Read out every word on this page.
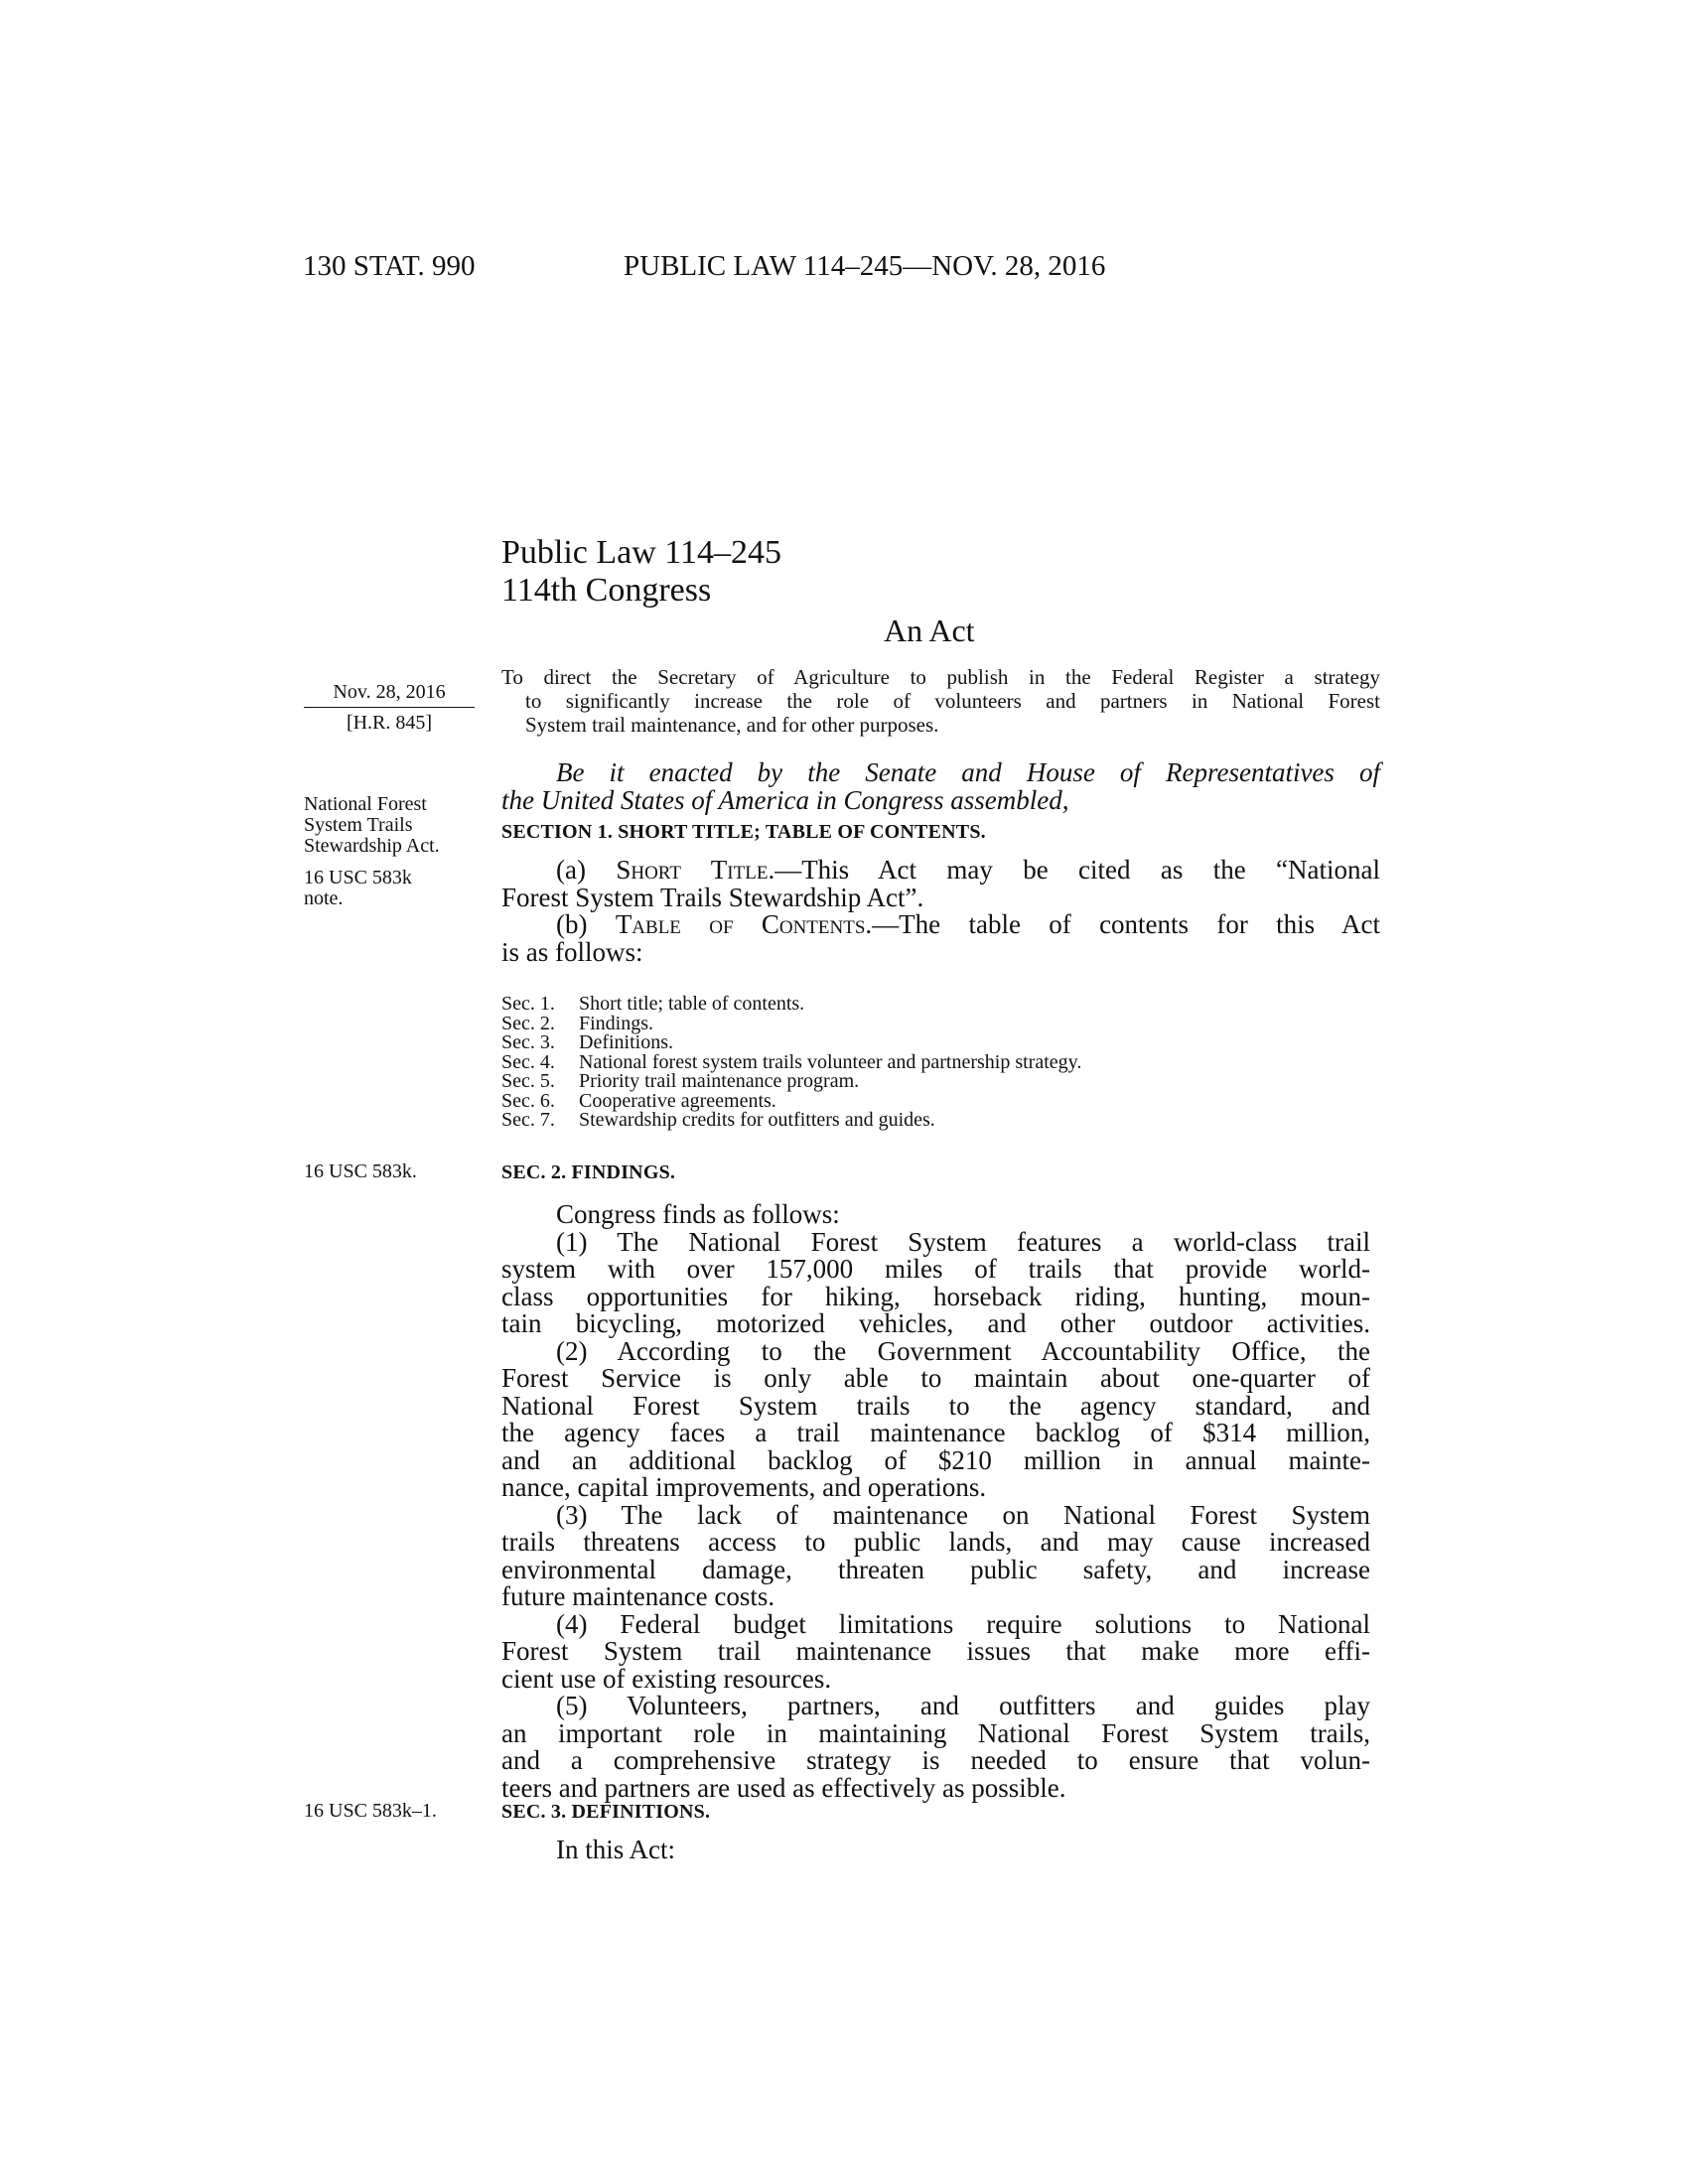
130 STAT. 990	PUBLIC LAW 114–245—NOV. 28, 2016
Public Law 114–245
114th Congress
An Act
Nov. 28, 2016
[H.R. 845]
To direct the Secretary of Agriculture to publish in the Federal Register a strategy
to significantly increase the role of volunteers and partners in National Forest
System trail maintenance, and for other purposes.
National Forest
System Trails
Stewardship Act.
16 USC 583k
note.
Be it enacted by the Senate and House of Representatives of
the United States of America in Congress assembled,
SECTION 1. SHORT TITLE; TABLE OF CONTENTS.
(a) Short Title.—This Act may be cited as the “National
Forest System Trails Stewardship Act”.
(b) Table of Contents.—The table of contents for this Act
is as follows:
Sec. 1. Short title; table of contents.
Sec. 2. Findings.
Sec. 3. Definitions.
Sec. 4. National forest system trails volunteer and partnership strategy.
Sec. 5. Priority trail maintenance program.
Sec. 6. Cooperative agreements.
Sec. 7. Stewardship credits for outfitters and guides.
16 USC 583k.	SEC. 2. FINDINGS.
Congress finds as follows:
(1) The National Forest System features a world-class trail
system with over 157,000 miles of trails that provide world-
class opportunities for hiking, horseback riding, hunting, moun-
tain bicycling, motorized vehicles, and other outdoor activities.
(2) According to the Government Accountability Office, the
Forest Service is only able to maintain about one-quarter of
National Forest System trails to the agency standard, and
the agency faces a trail maintenance backlog of $314 million,
and an additional backlog of $210 million in annual mainte-
nance, capital improvements, and operations.
(3) The lack of maintenance on National Forest System
trails threatens access to public lands, and may cause increased
environmental damage, threaten public safety, and increase
future maintenance costs.
(4) Federal budget limitations require solutions to National
Forest System trail maintenance issues that make more effi-
cient use of existing resources.
(5) Volunteers, partners, and outfitters and guides play
an important role in maintaining National Forest System trails,
and a comprehensive strategy is needed to ensure that volun-
teers and partners are used as effectively as possible.
16 USC 583k–1.	SEC. 3. DEFINITIONS.
In this Act:
